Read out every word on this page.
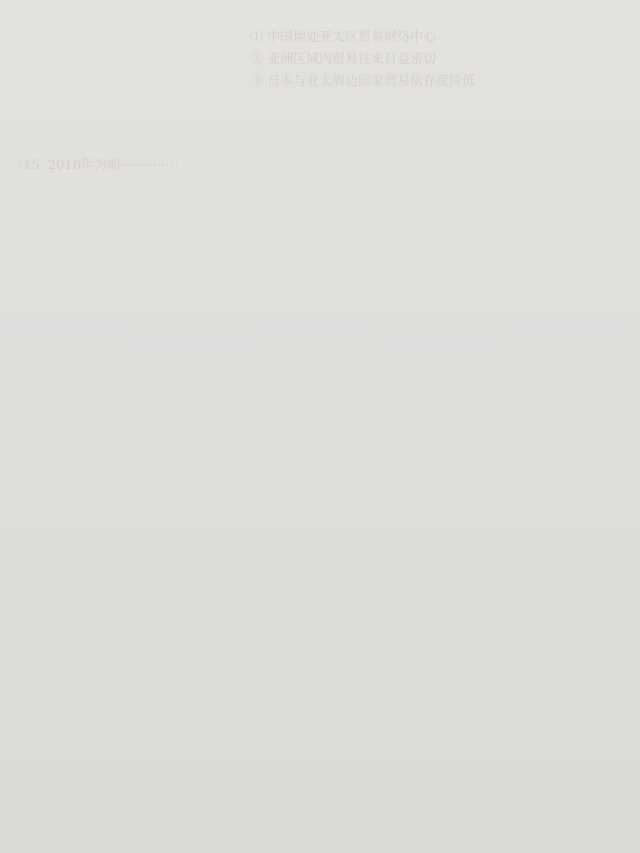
① 中国地处亚太区贸易网络中心
② 亚洲区域内贸易往来日益密切
③ 日本与亚太周边国家贸易依存度降低
〔15. 2016年为期·············〕
